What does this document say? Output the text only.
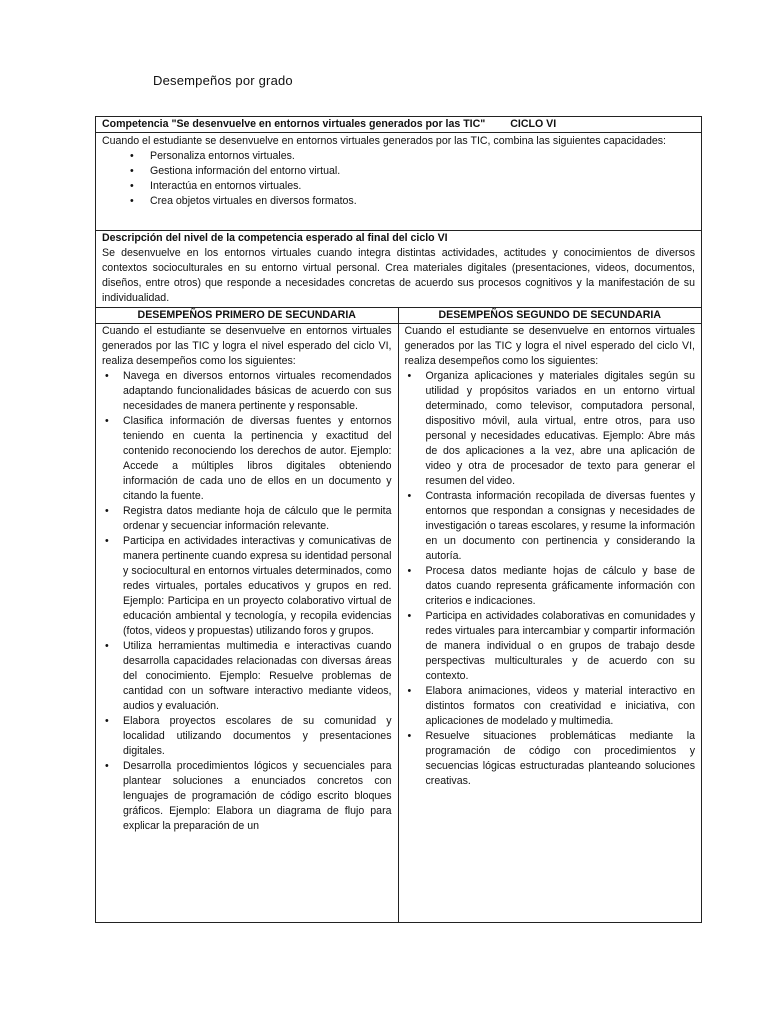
Desempeños por grado
Competencia "Se desenvuelve en entornos virtuales generados por las TIC" CICLO VI
Cuando el estudiante se desenvuelve en entornos virtuales generados por las TIC, combina las siguientes capacidades:
• Personaliza entornos virtuales.
• Gestiona información del entorno virtual.
• Interactúa en entornos virtuales.
• Crea objetos virtuales en diversos formatos.
Descripción del nivel de la competencia esperado al final del ciclo VI
Se desenvuelve en los entornos virtuales cuando integra distintas actividades, actitudes y conocimientos de diversos contextos socioculturales en su entorno virtual personal. Crea materiales digitales (presentaciones, videos, documentos, diseños, entre otros) que responde a necesidades concretas de acuerdo sus procesos cognitivos y la manifestación de su individualidad.
DESEMPEÑOS PRIMERO DE SECUNDARIA
Cuando el estudiante se desenvuelve en entornos virtuales generados por las TIC y logra el nivel esperado del ciclo VI, realiza desempeños como los siguientes:
• Navega en diversos entornos virtuales recomendados adaptando funcionalidades básicas de acuerdo con sus necesidades de manera pertinente y responsable.
• Clasifica información de diversas fuentes y entornos teniendo en cuenta la pertinencia y exactitud del contenido reconociendo los derechos de autor. Ejemplo: Accede a múltiples libros digitales obteniendo información de cada uno de ellos en un documento y citando la fuente.
• Registra datos mediante hoja de cálculo que le permita ordenar y secuenciar información relevante.
• Participa en actividades interactivas y comunicativas de manera pertinente cuando expresa su identidad personal y sociocultural en entornos virtuales determinados, como redes virtuales, portales educativos y grupos en red. Ejemplo: Participa en un proyecto colaborativo virtual de educación ambiental y tecnología, y recopila evidencias (fotos, videos y propuestas) utilizando foros y grupos.
• Utiliza herramientas multimedia e interactivas cuando desarrolla capacidades relacionadas con diversas áreas del conocimiento. Ejemplo: Resuelve problemas de cantidad con un software interactivo mediante videos, audios y evaluación.
• Elabora proyectos escolares de su comunidad y localidad utilizando documentos y presentaciones digitales.
• Desarrolla procedimientos lógicos y secuenciales para plantear soluciones a enunciados concretos con lenguajes de programación de código escrito bloques gráficos. Ejemplo: Elabora un diagrama de flujo para explicar la preparación de un
DESEMPEÑOS SEGUNDO DE SECUNDARIA
Cuando el estudiante se desenvuelve en entornos virtuales generados por las TIC y logra el nivel esperado del ciclo VI, realiza desempeños como los siguientes:
• Organiza aplicaciones y materiales digitales según su utilidad y propósitos variados en un entorno virtual determinado, como televisor, computadora personal, dispositivo móvil, aula virtual, entre otros, para uso personal y necesidades educativas. Ejemplo: Abre más de dos aplicaciones a la vez, abre una aplicación de video y otra de procesador de texto para generar el resumen del video.
• Contrasta información recopilada de diversas fuentes y entornos que respondan a consignas y necesidades de investigación o tareas escolares, y resume la información en un documento con pertinencia y considerando la autoría.
• Procesa datos mediante hojas de cálculo y base de datos cuando representa gráficamente información con criterios e indicaciones.
• Participa en actividades colaborativas en comunidades y redes virtuales para intercambiar y compartir información de manera individual o en grupos de trabajo desde perspectivas multiculturales y de acuerdo con su contexto.
• Elabora animaciones, videos y material interactivo en distintos formatos con creatividad e iniciativa, con aplicaciones de modelado y multimedia.
• Resuelve situaciones problemáticas mediante la programación de código con procedimientos y secuencias lógicas estructuradas planteando soluciones creativas.
